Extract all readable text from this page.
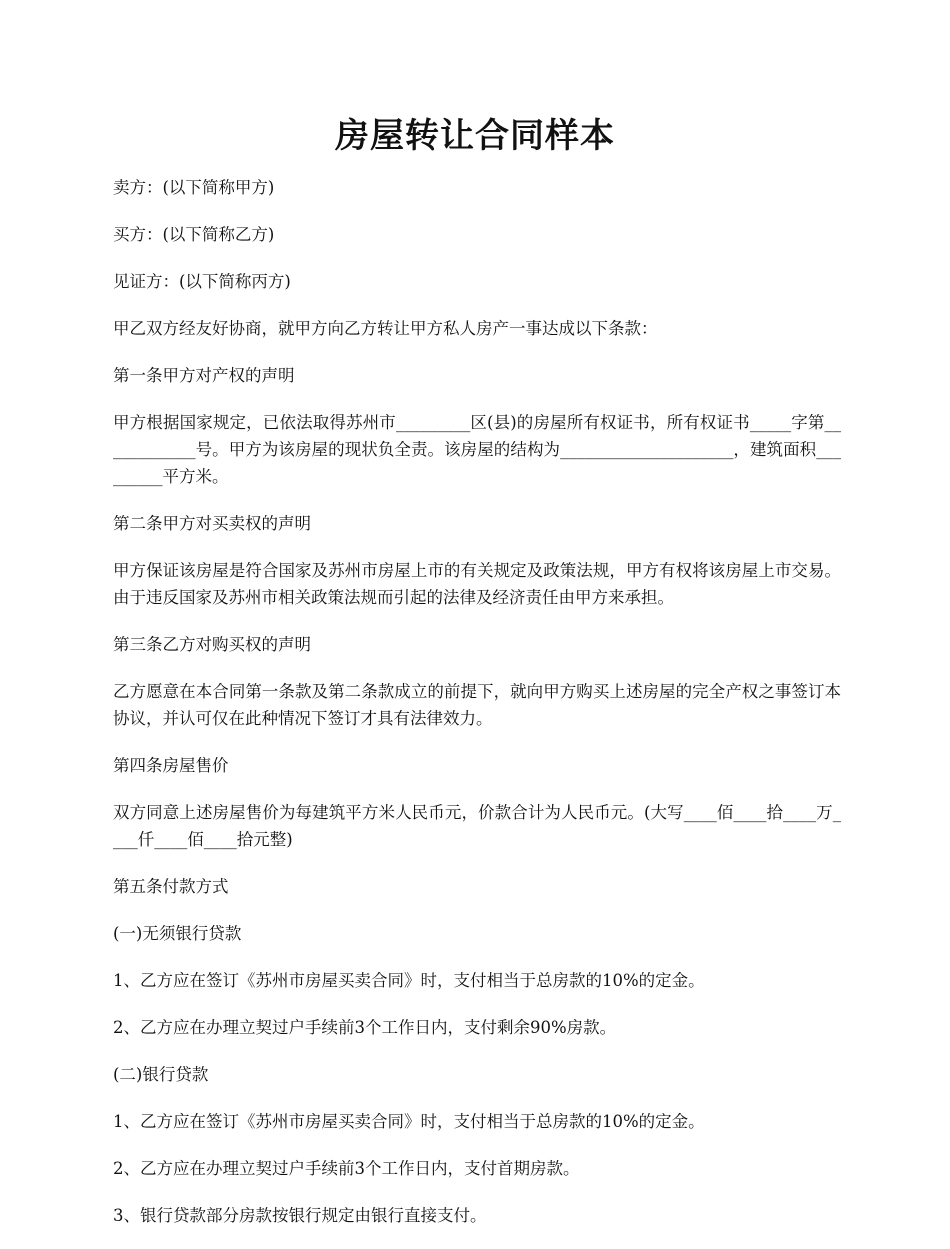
房屋转让合同样本

卖方：(以下简称甲方)

买方：(以下简称乙方)

见证方：(以下简称丙方)

甲乙双方经友好协商，就甲方向乙方转让甲方私人房产一事达成以下条款：

第一条甲方对产权的声明

甲方根据国家规定，已依法取得苏州市_________区(县)的房屋所有权证书，所有权证书_____字第____________号。甲方为该房屋的现状负全责。该房屋的结构为_____________________，建筑面积_________平方米。

第二条甲方对买卖权的声明

甲方保证该房屋是符合国家及苏州市房屋上市的有关规定及政策法规，甲方有权将该房屋上市交易。由于违反国家及苏州市相关政策法规而引起的法律及经济责任由甲方来承担。

第三条乙方对购买权的声明

乙方愿意在本合同第一条款及第二条款成立的前提下，就向甲方购买上述房屋的完全产权之事签订本协议，并认可仅在此种情况下签订才具有法律效力。

第四条房屋售价

双方同意上述房屋售价为每建筑平方米人民币元，价款合计为人民币元。(大写____佰____拾____万____仟____佰____拾元整)

第五条付款方式

(一)无须银行贷款

1、乙方应在签订《苏州市房屋买卖合同》时，支付相当于总房款的10%的定金。

2、乙方应在办理立契过户手续前3个工作日内，支付剩余90%房款。

(二)银行贷款

1、乙方应在签订《苏州市房屋买卖合同》时，支付相当于总房款的10%的定金。

2、乙方应在办理立契过户手续前3个工作日内，支付首期房款。

3、银行贷款部分房款按银行规定由银行直接支付。
